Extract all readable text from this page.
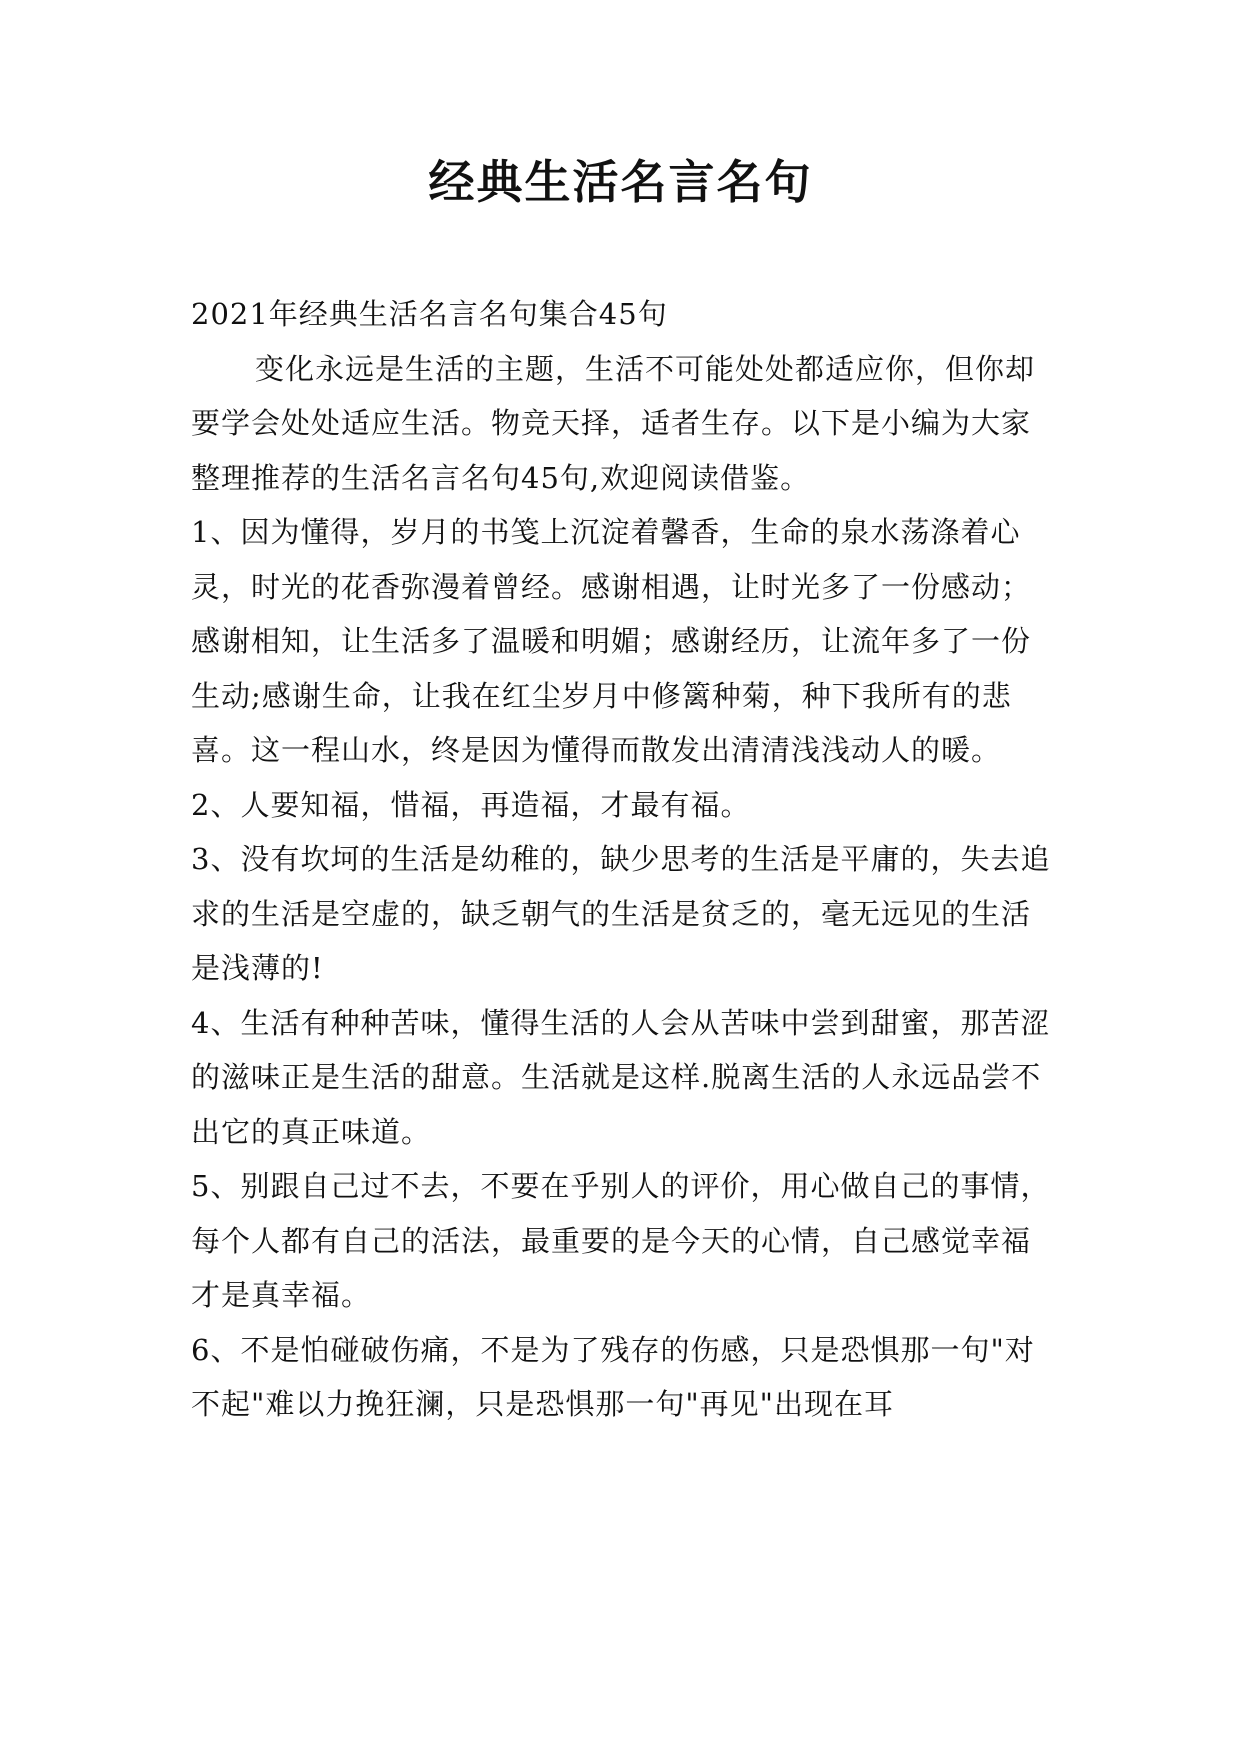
经典生活名言名句

2021年经典生活名言名句集合45句

变化永远是生活的主题，生活不可能处处都适应你，但你却要学会处处适应生活。物竞天择，适者生存。以下是小编为大家整理推荐的生活名言名句45句,欢迎阅读借鉴。

1、因为懂得，岁月的书笺上沉淀着馨香，生命的泉水荡涤着心灵，时光的花香弥漫着曾经。感谢相遇，让时光多了一份感动；感谢相知，让生活多了温暖和明媚；感谢经历，让流年多了一份生动;感谢生命，让我在红尘岁月中修篱种菊，种下我所有的悲喜。这一程山水，终是因为懂得而散发出清清浅浅动人的暖。

2、人要知福，惜福，再造福，才最有福。

3、没有坎坷的生活是幼稚的，缺少思考的生活是平庸的，失去追求的生活是空虚的，缺乏朝气的生活是贫乏的，毫无远见的生活是浅薄的!

4、生活有种种苦味，懂得生活的人会从苦味中尝到甜蜜，那苦涩的滋味正是生活的甜意。生活就是这样.脱离生活的人永远品尝不出它的真正味道。

5、别跟自己过不去，不要在乎别人的评价，用心做自己的事情，每个人都有自己的活法，最重要的是今天的心情，自己感觉幸福才是真幸福。

6、不是怕碰破伤痛，不是为了残存的伤感，只是恐惧那一句"对不起"难以力挽狂澜，只是恐惧那一句"再见"出现在耳
